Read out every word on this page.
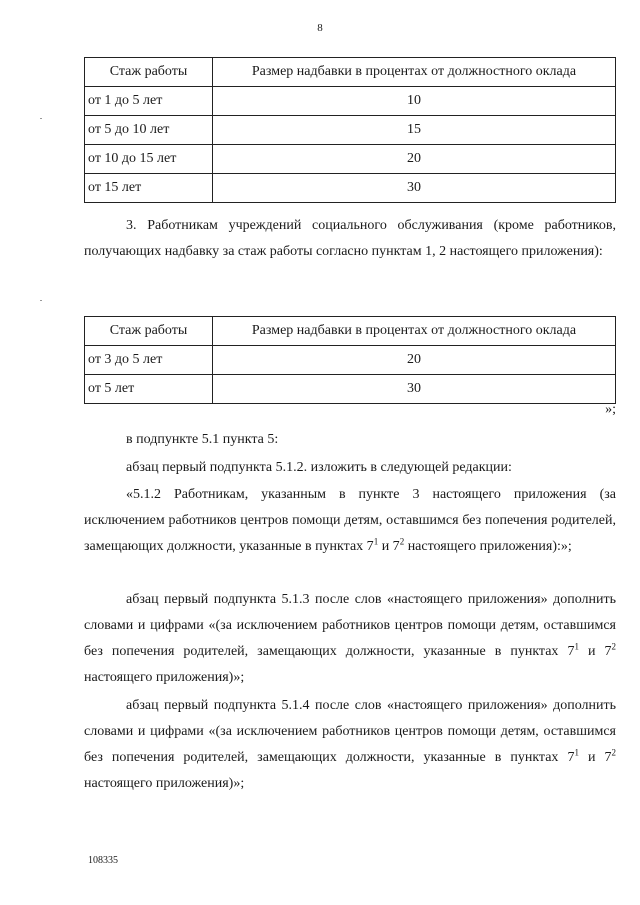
8
Стаж работы	Размер надбавки в процентах от должностного оклада
от 1 до 5 лет	10
от 5 до 10 лет	15
от 10 до 15 лет	20
от 15 лет	30

3. Работникам учреждений социального обслуживания (кроме работников, получающих надбавку за стаж работы согласно пунктам 1, 2 настоящего приложения):

Стаж работы	Размер надбавки в процентах от должностного оклада
от 3 до 5 лет	20
от 5 лет	30
»;

в подпункте 5.1 пункта 5:

абзац первый подпункта 5.1.2. изложить в следующей редакции:

«5.1.2 Работникам, указанным в пункте 3 настоящего приложения (за исключением работников центров помощи детям, оставшимся без попечения родителей, замещающих должности, указанные в пунктах $7^1$ и $7^2$ настоящего приложения):»;

абзац первый подпункта 5.1.3 после слов «настоящего приложения» дополнить словами и цифрами «(за исключением работников центров помощи детям, оставшимся без попечения родителей, замещающих должности, указанные в пунктах $7^1$ и $7^2$ настоящего приложения)»;

абзац первый подпункта 5.1.4 после слов «настоящего приложения» дополнить словами и цифрами «(за исключением работников центров помощи детям, оставшимся без попечения родителей, замещающих должности, указанные в пунктах $7^1$ и $7^2$ настоящего приложения)»;

108335
